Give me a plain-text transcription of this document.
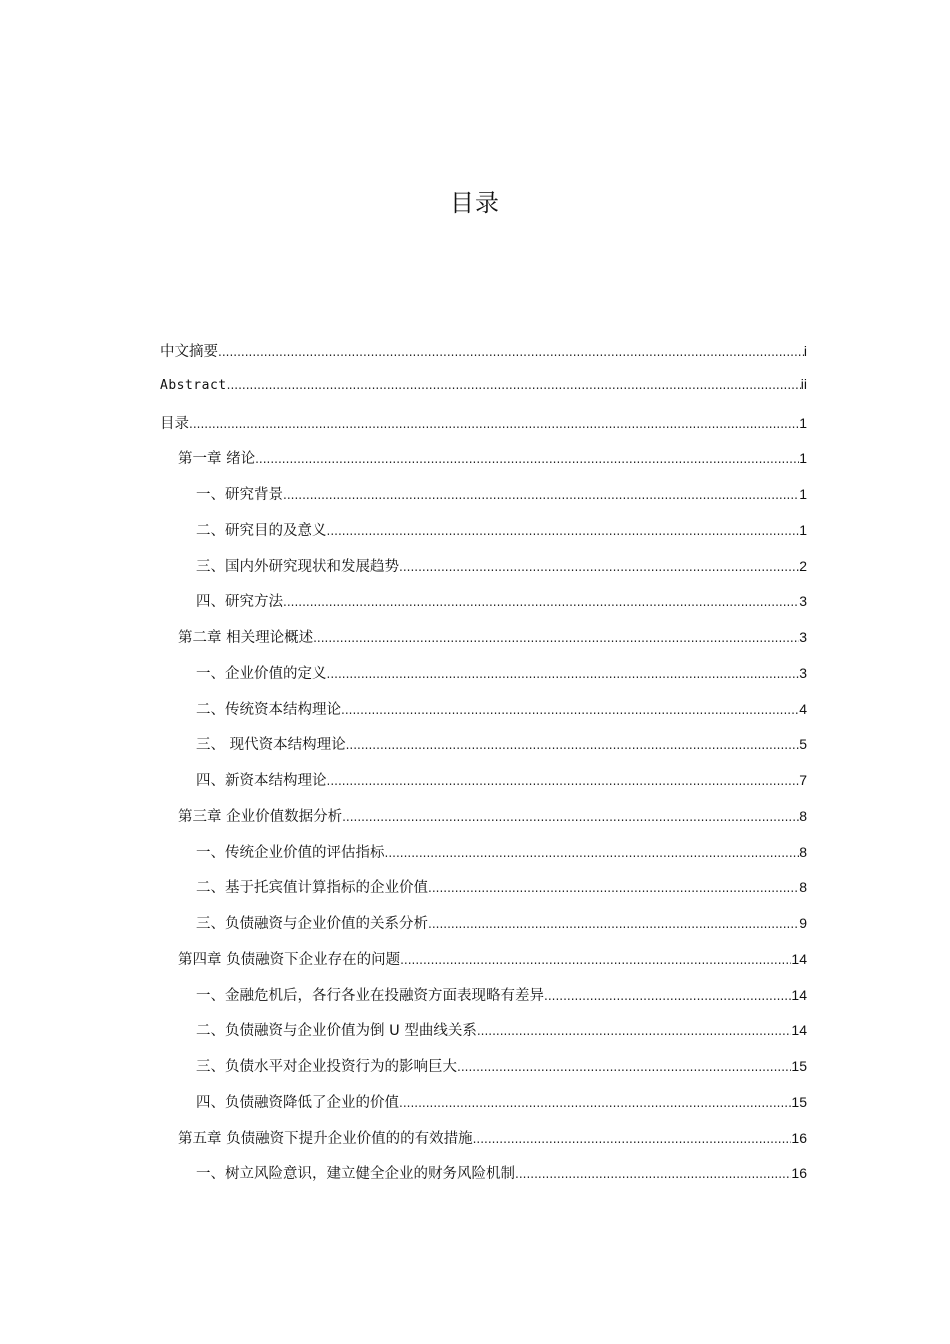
目录
中文摘要 .....	i
Abstract .....	ii
目录 .....	1
第一章 绪论 .....	1
一、研究背景 .....	1
二、研究目的及意义 .....	1
三、国内外研究现状和发展趋势 .....	2
四、研究方法 .....	3
第二章 相关理论概述 .....	3
一、企业价值的定义 .....	3
二、传统资本结构理论 .....	4
三、 现代资本结构理论 .....	5
四、新资本结构理论 .....	7
第三章 企业价值数据分析 .....	8
一、传统企业价值的评估指标 .....	8
二、基于托宾值计算指标的企业价值 .....	8
三、负债融资与企业价值的关系分析 .....	9
第四章 负债融资下企业存在的问题 .....	14
一、金融危机后，各行各业在投融资方面表现略有差异 .....	14
二、负债融资与企业价值为倒 U 型曲线关系 .....	14
三、负债水平对企业投资行为的影响巨大 .....	15
四、负债融资降低了企业的价值 .....	15
第五章 负债融资下提升企业价值的的有效措施 .....	16
一、树立风险意识，建立健全企业的财务风险机制 .....	16
